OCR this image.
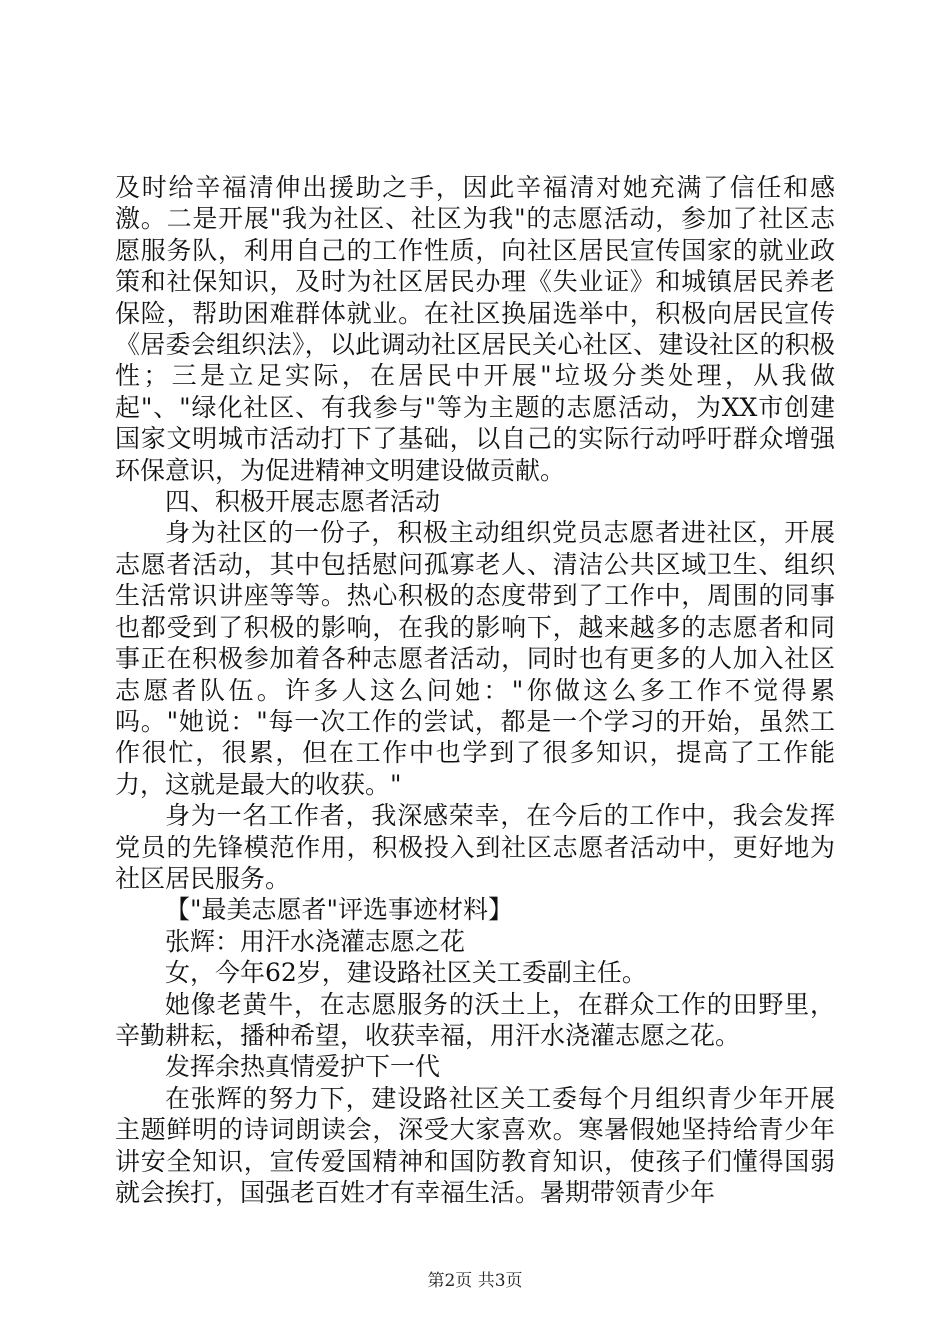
及时给辛福清伸出援助之手，因此辛福清对她充满了信任和感激。二是开展"我为社区、社区为我"的志愿活动，参加了社区志愿服务队，利用自己的工作性质，向社区居民宣传国家的就业政策和社保知识，及时为社区居民办理《失业证》和城镇居民养老保险，帮助困难群体就业。在社区换届选举中，积极向居民宣传《居委会组织法》，以此调动社区居民关心社区、建设社区的积极性；三是立足实际，在居民中开展"垃圾分类处理，从我做起"、"绿化社区、有我参与"等为主题的志愿活动，为XX市创建国家文明城市活动打下了基础，以自己的实际行动呼吁群众增强环保意识，为促进精神文明建设做贡献。

四、积极开展志愿者活动

身为社区的一份子，积极主动组织党员志愿者进社区，开展志愿者活动，其中包括慰问孤寡老人、清洁公共区域卫生、组织生活常识讲座等等。热心积极的态度带到了工作中，周围的同事也都受到了积极的影响，在我的影响下，越来越多的志愿者和同事正在积极参加着各种志愿者活动，同时也有更多的人加入社区志愿者队伍。许多人这么问她："你做这么多工作不觉得累吗。"她说："每一次工作的尝试，都是一个学习的开始，虽然工作很忙，很累，但在工作中也学到了很多知识，提高了工作能力，这就是最大的收获。"

身为一名工作者，我深感荣幸，在今后的工作中，我会发挥党员的先锋模范作用，积极投入到社区志愿者活动中，更好地为社区居民服务。

【"最美志愿者"评选事迹材料】

张辉：用汗水浇灌志愿之花

女，今年62岁，建设路社区关工委副主任。

她像老黄牛，在志愿服务的沃土上，在群众工作的田野里，辛勤耕耘，播种希望，收获幸福，用汗水浇灌志愿之花。

发挥余热真情爱护下一代

在张辉的努力下，建设路社区关工委每个月组织青少年开展主题鲜明的诗词朗读会，深受大家喜欢。寒暑假她坚持给青少年讲安全知识，宣传爱国精神和国防教育知识，使孩子们懂得国弱就会挨打，国强老百姓才有幸福生活。暑期带领青少年

第2页 共3页
